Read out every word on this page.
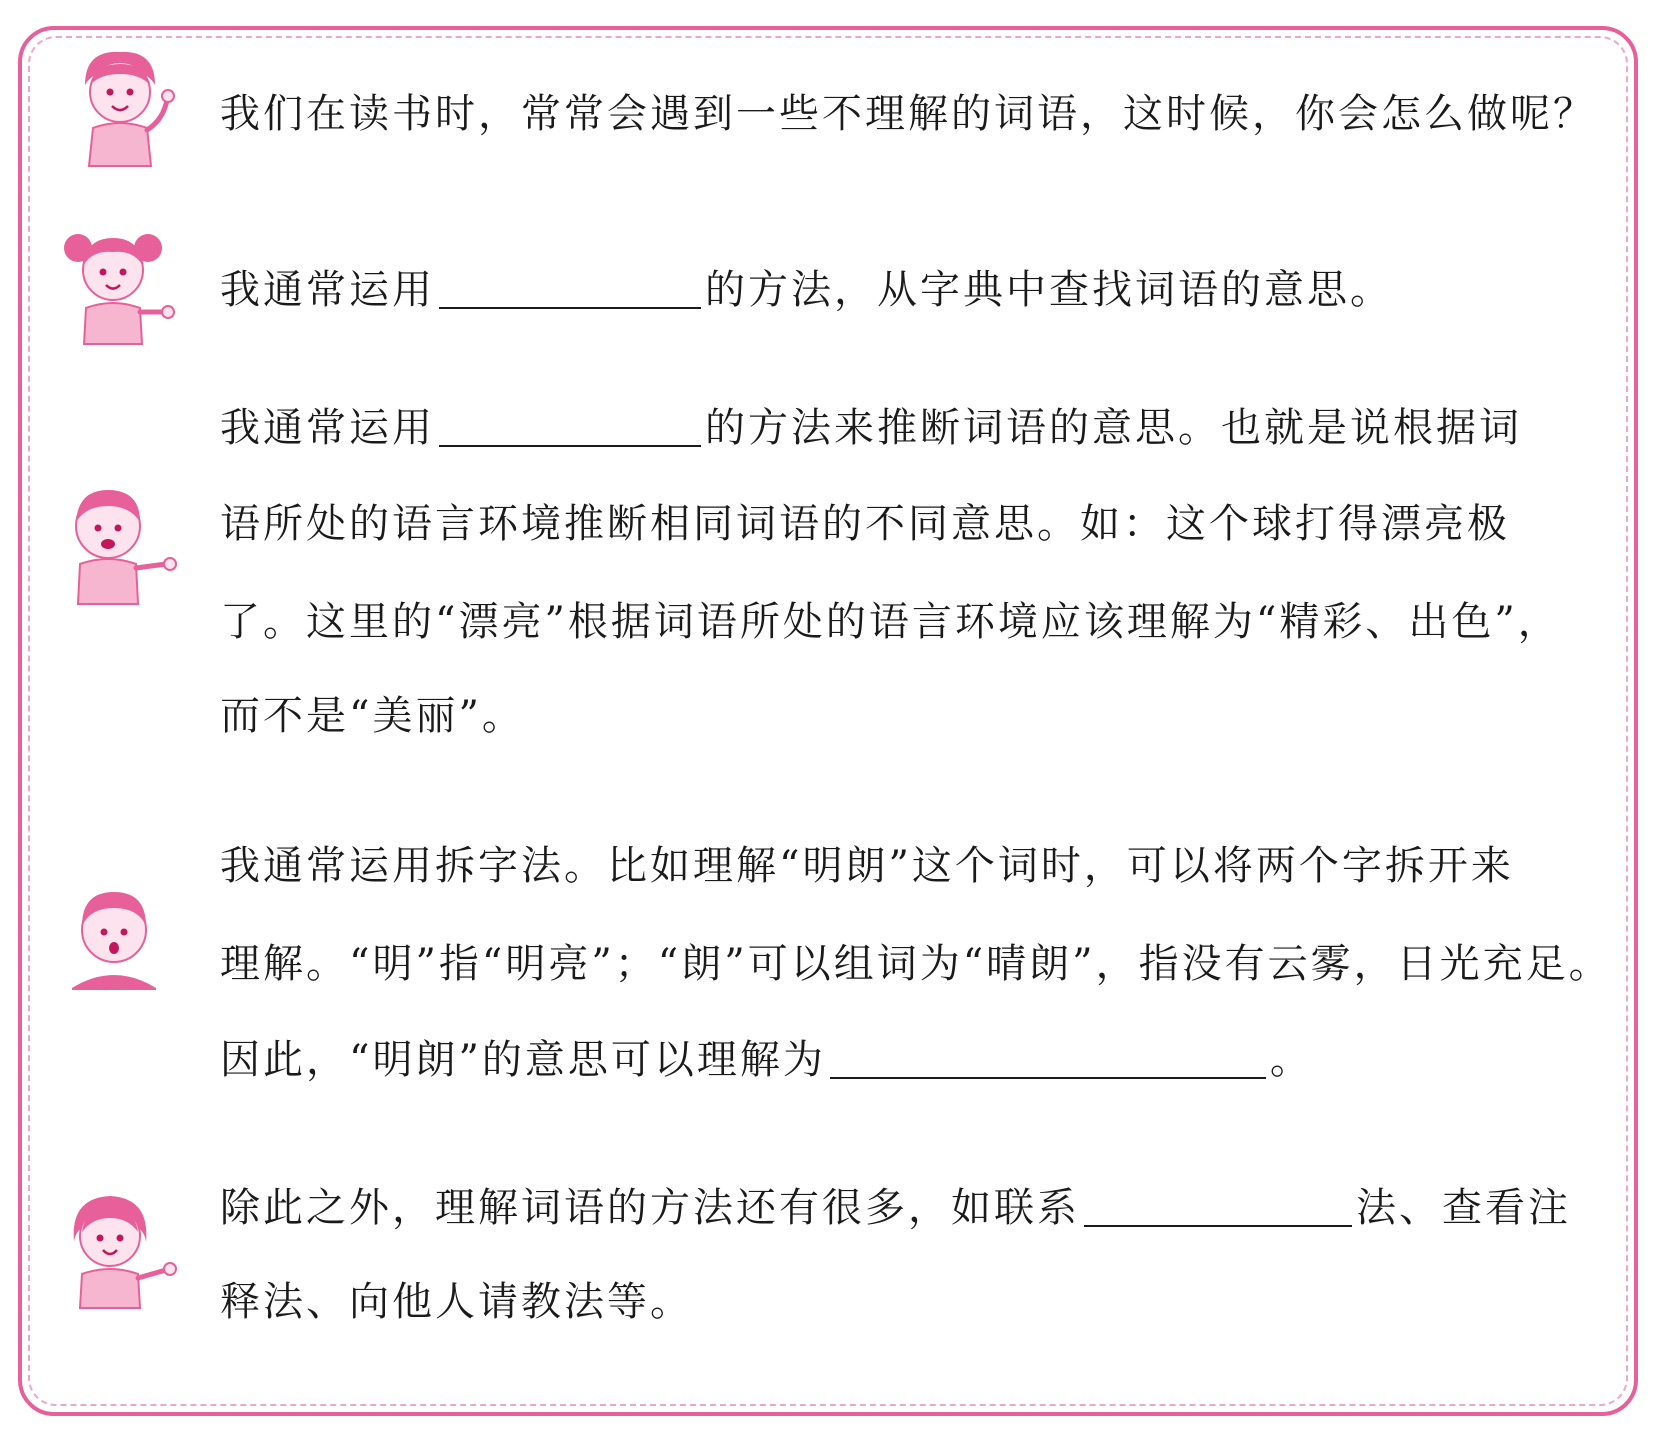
我们在读书时，常常会遇到一些不理解的词语，这时候，你会怎么做呢？
我通常运用	的方法，从字典中查找词语的意思。
我通常运用	的方法来推断词语的意思。也就是说根据词
语所处的语言环境推断相同词语的不同意思。如：这个球打得漂亮极
了。这里的“漂亮”根据词语所处的语言环境应该理解为“精彩、出色”，
而不是“美丽”。
我通常运用拆字法。比如理解“明朗”这个词时，可以将两个字拆开来
理解。“明”指“明亮”；“朗”可以组词为“晴朗”，指没有云雾，日光充足。
因此，“明朗”的意思可以理解为	。
除此之外，理解词语的方法还有很多，如联系	法、查看注
释法、向他人请教法等。
